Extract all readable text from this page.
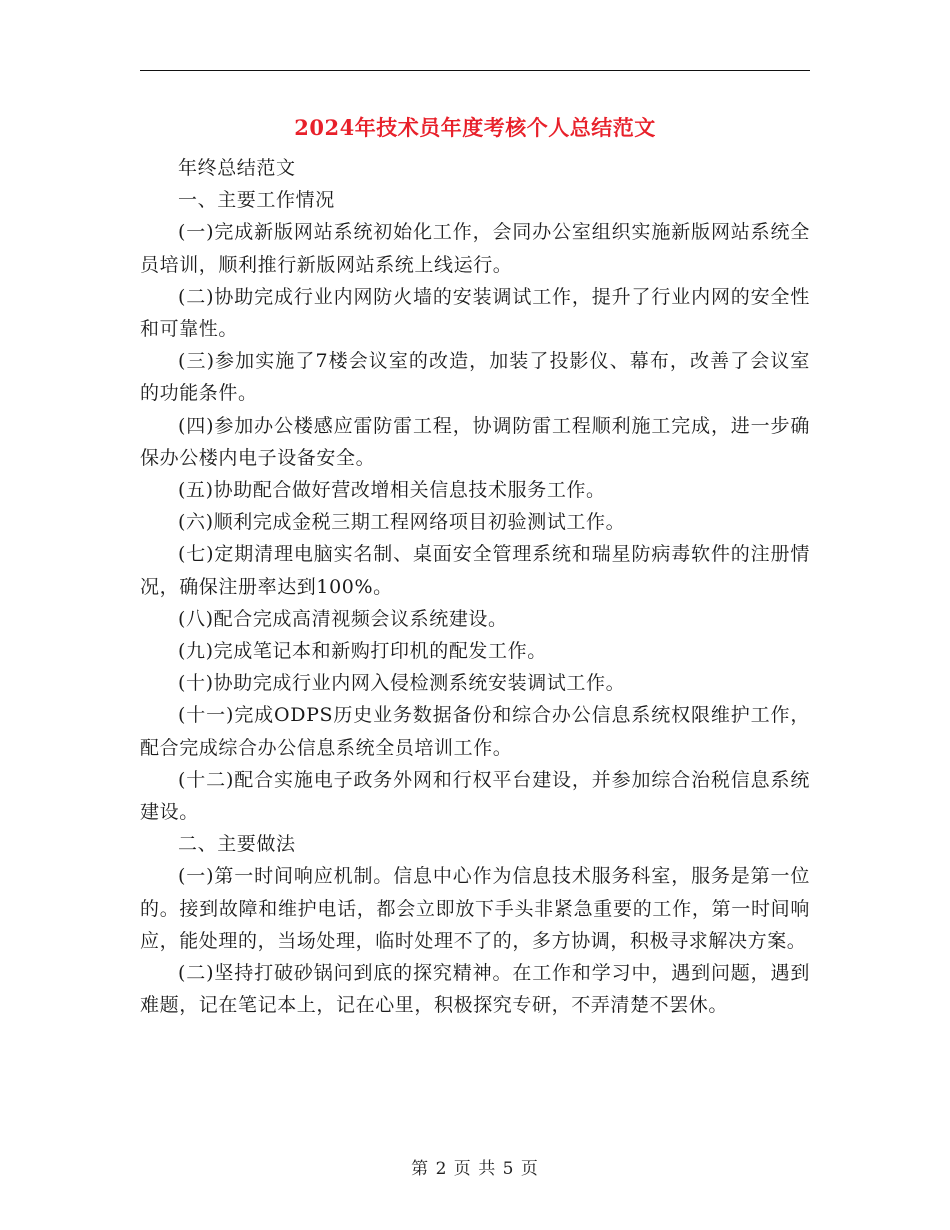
2024年技术员年度考核个人总结范文

年终总结范文

一、主要工作情况

(一)完成新版网站系统初始化工作，会同办公室组织实施新版网站系统全员培训，顺利推行新版网站系统上线运行。

(二)协助完成行业内网防火墙的安装调试工作，提升了行业内网的安全性和可靠性。

(三)参加实施了7楼会议室的改造，加装了投影仪、幕布，改善了会议室的功能条件。

(四)参加办公楼感应雷防雷工程，协调防雷工程顺利施工完成，进一步确保办公楼内电子设备安全。

(五)协助配合做好营改增相关信息技术服务工作。

(六)顺利完成金税三期工程网络项目初验测试工作。

(七)定期清理电脑实名制、桌面安全管理系统和瑞星防病毒软件的注册情况，确保注册率达到100%。

(八)配合完成高清视频会议系统建设。

(九)完成笔记本和新购打印机的配发工作。

(十)协助完成行业内网入侵检测系统安装调试工作。

(十一)完成ODPS历史业务数据备份和综合办公信息系统权限维护工作，配合完成综合办公信息系统全员培训工作。

(十二)配合实施电子政务外网和行权平台建设，并参加综合治税信息系统建设。

二、主要做法

(一)第一时间响应机制。信息中心作为信息技术服务科室，服务是第一位的。接到故障和维护电话，都会立即放下手头非紧急重要的工作，第一时间响应，能处理的，当场处理，临时处理不了的，多方协调，积极寻求解决方案。

(二)坚持打破砂锅问到底的探究精神。在工作和学习中，遇到问题，遇到难题，记在笔记本上，记在心里，积极探究专研，不弄清楚不罢休。

第 2 页 共 5 页
